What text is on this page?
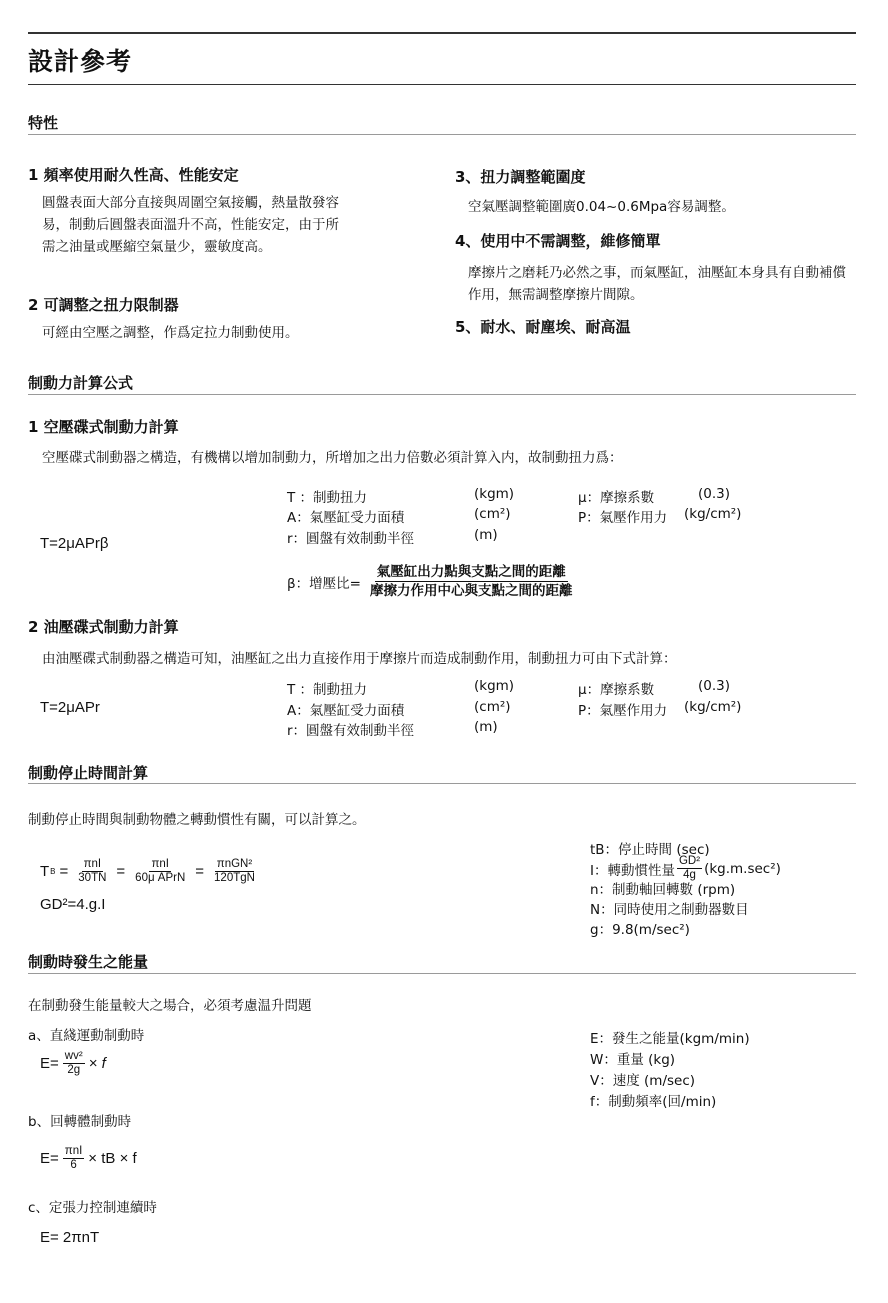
設計參考
特性
1 頻率使用耐久性高、性能安定
圓盤表面大部分直接與周圍空氣接觸，熱量散發容易，制動后圓盤表面溫升不高，性能安定，由于所需之油量或壓縮空氣量少，靈敏度高。
2 可調整之扭力限制器
可經由空壓之調整，作爲定拉力制動使用。
3、扭力調整範圍度
空氣壓調整範圍廣0.04~0.6Mpa容易調整。
4、使用中不需調整，維修簡單
摩擦片之磨耗乃必然之事，而氣壓缸，油壓缸本身具有自動補償作用，無需調整摩擦片間隙。
5、耐水、耐塵埃、耐高温
制動力計算公式
1 空壓碟式制動力計算
空壓碟式制動器之構造，有機構以增加制動力，所增加之出力倍數必須計算入内，故制動扭力爲：
T=2μAPrβ
T ：制動扭力	(kgm)
A：氣壓缸受力面積	(cm²)
r：圓盤有效制動半徑	(m)
μ：摩擦系數	(0.3)
P：氣壓作用力 (kg/cm²)
β：增壓比= $\frac{\text{氣壓缸出力點與支點之間的距離}}{\text{摩擦力作用中心與支點之間的距離}}$
2 油壓碟式制動力計算
由油壓碟式制動器之構造可知，油壓缸之出力直接作用于摩擦片而造成制動作用，制動扭力可由下式計算：
T=2μAPr
T ：制動扭力	(kgm)
A：氣壓缸受力面積	(cm²)
r：圓盤有效制動半徑	(m)
μ：摩擦系數	(0.3)
P：氣壓作用力 (kg/cm²)
制動停止時間計算
制動停止時間與制動物體之轉動慣性有關，可以計算之。
T $B = \frac{\text{πnI}}{30TN} = \frac{\text{πnI}}{\text{60μ APrN}} = \frac{\text{πnGN²}}{\text{120TgN}}$
GD²=4.g.I
tB：停止時間 (sec)
I：轉動慣性量 $\frac{\text{GD²}}{4g} (kg.m.\sec^2)$
n：制動軸回轉數 (rpm)
N：同時使用之制動器數目
g：9.8(m/sec²)
制動時發生之能量
在制動發生能量較大之場合，必須考慮温升問題
a、直綫運動制動時
$E= \frac{\text{wv²}}{2g} \times f$
b、回轉體制動時
$E= \frac{\text{πnI}}{6}$ × tB × f
c、定張力控制連續時
E= 2πnT
E：發生之能量(kgm/min)
W：重量 (kg)
V：速度 (m/sec)
f：制動頻率(回/min)
